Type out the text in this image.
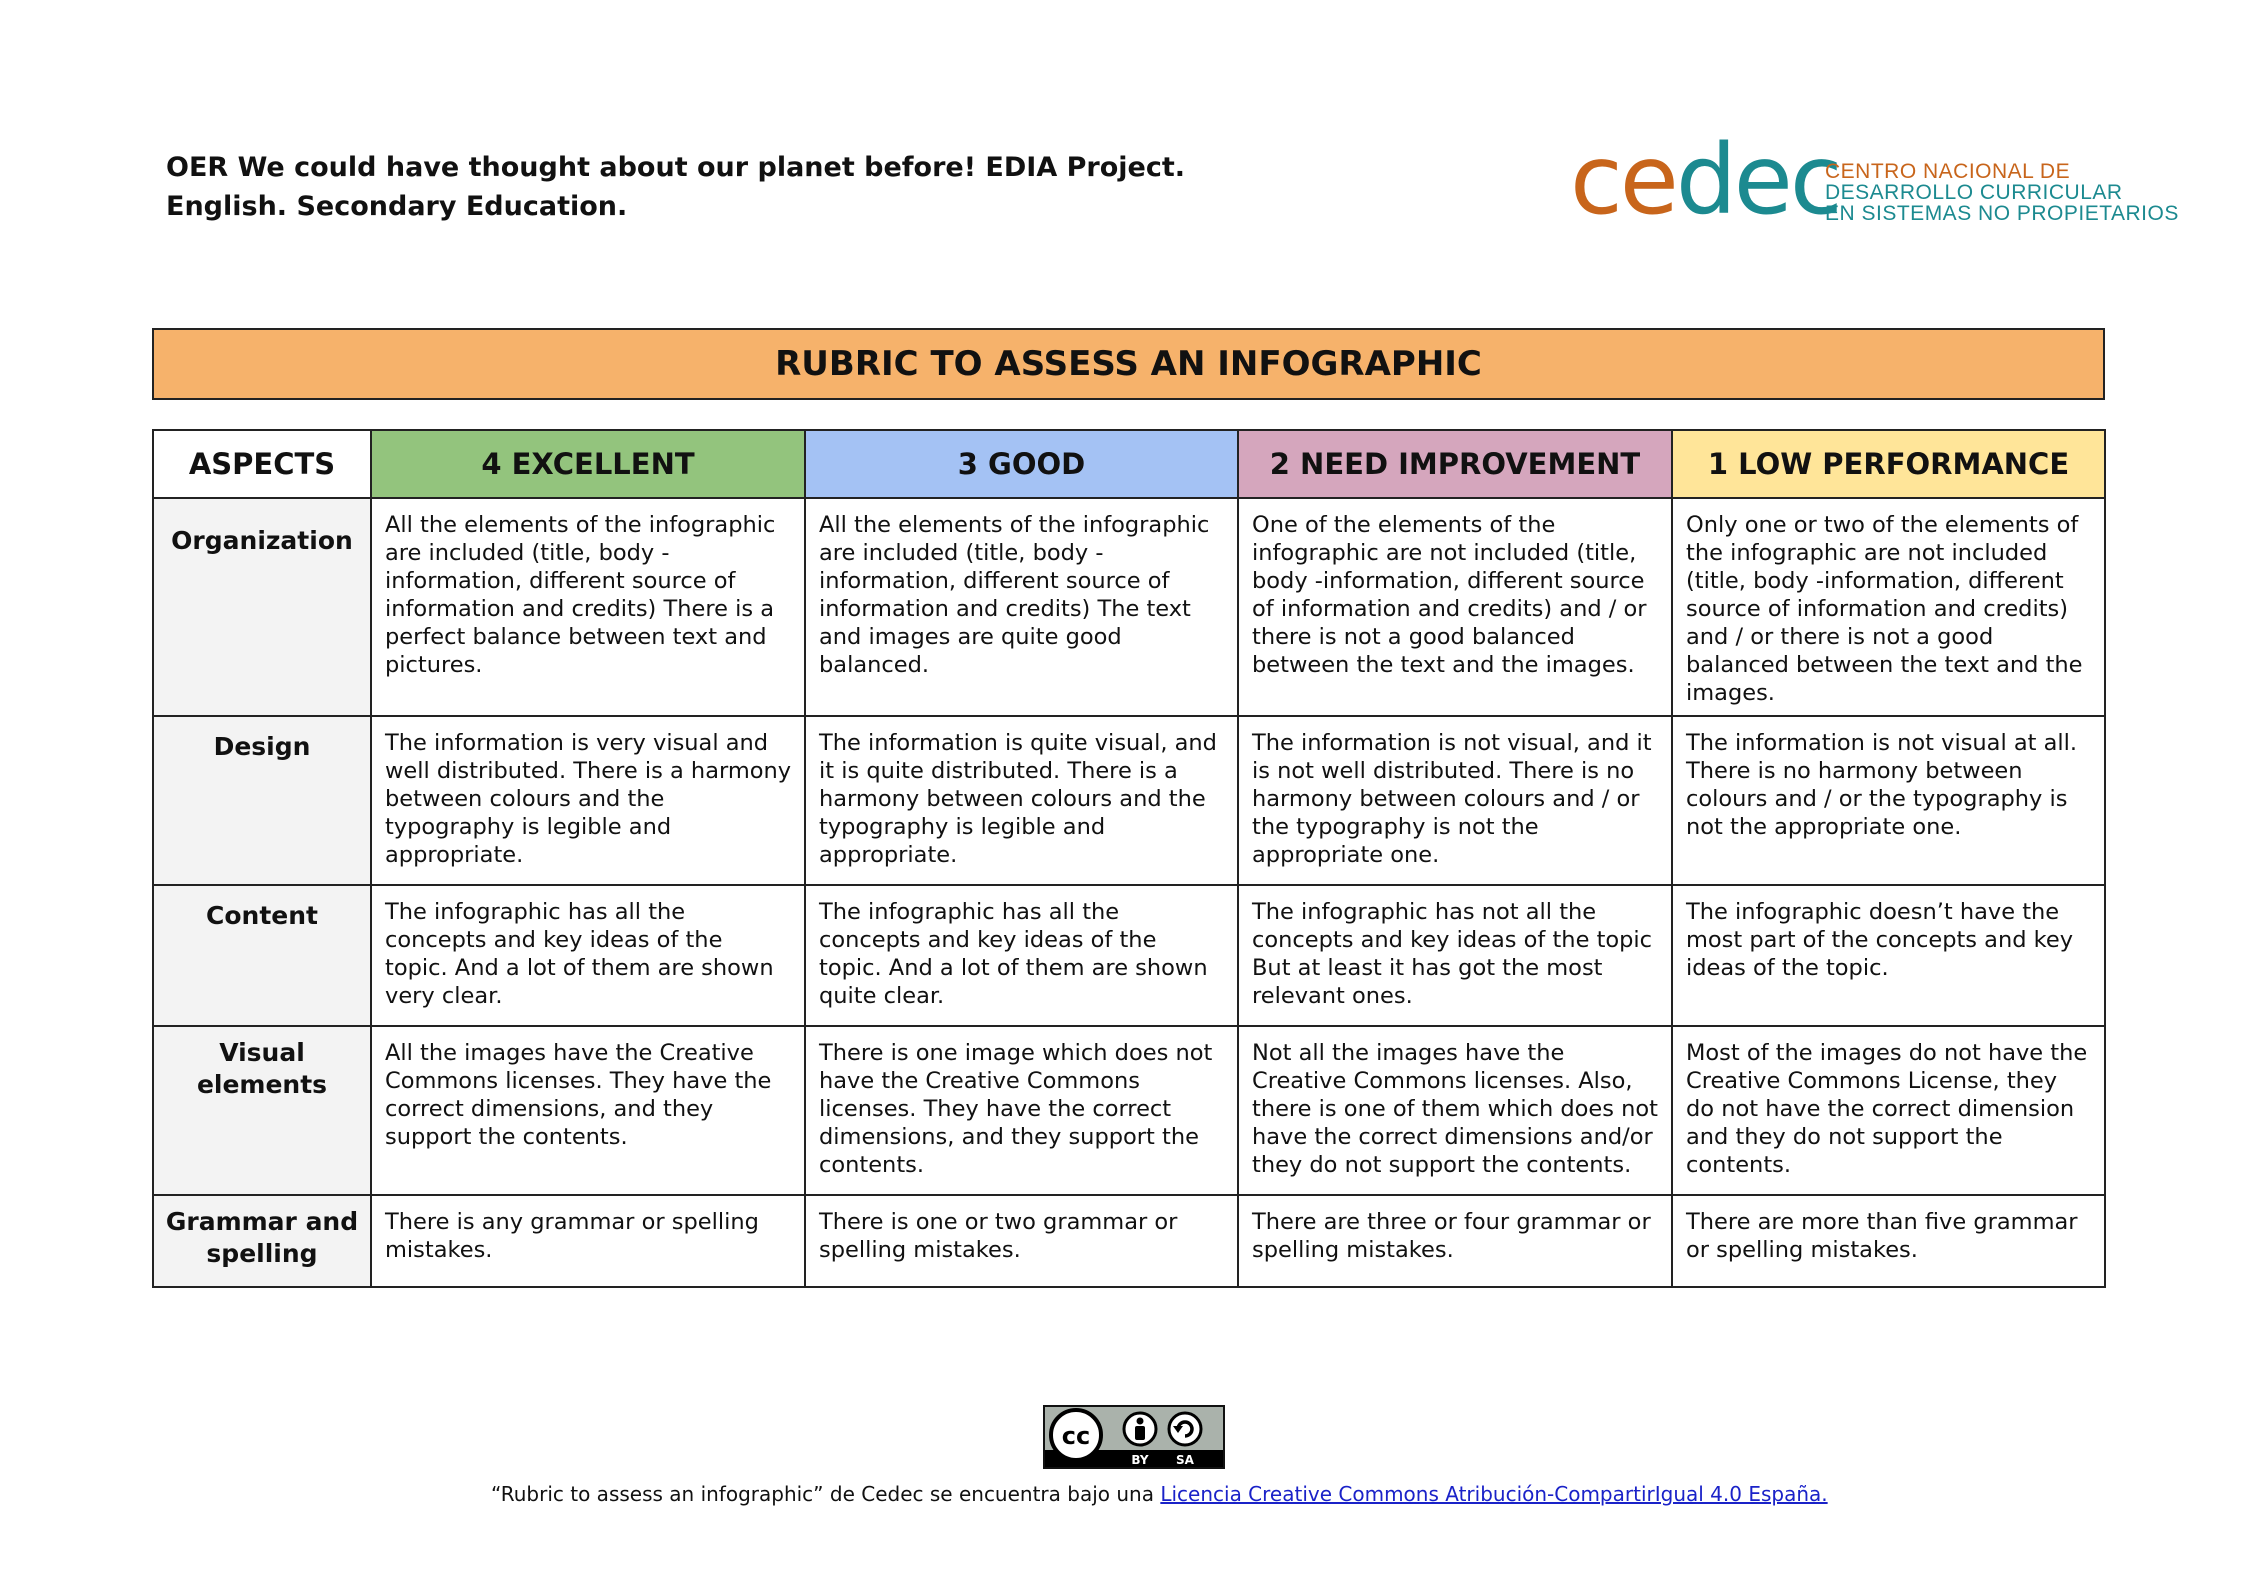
OER We could have thought about our planet before! EDIA Project.
English. Secondary Education.	cedec
CENTRO NACIONAL DE
DESARROLLO CURRICULAR
EN SISTEMAS NO PROPIETARIOS
RUBRIC TO ASSESS AN INFOGRAPHIC
ASPECTS	4 EXCELLENT	3 GOOD	2 NEED IMPROVEMENT	1 LOW PERFORMANCE
Organization	All the elements of the infographic are included (title, body -information, different source of information and credits) There is a perfect balance between text and pictures.	All the elements of the infographic are included (title, body -information, different source of information and credits) The text and images are quite good balanced.	One of the elements of the infographic are not included (title, body -information, different source of information and credits) and / or there is not a good balanced between the text and the images.	Only one or two of the elements of the infographic are not included (title, body -information, different source of information and credits) and / or there is not a good balanced between the text and the images.
Design	The information is very visual and well distributed. There is a harmony between colours and the typography is legible and appropriate.	The information is quite visual, and it is quite distributed. There is a harmony between colours and the typography is legible and appropriate.	The information is not visual, and it is not well distributed. There is no harmony between colours and / or the typography is not the appropriate one.	The information is not visual at all. There is no harmony between colours and / or the typography is not the appropriate one.
Content	The infographic has all the concepts and key ideas of the topic. And a lot of them are shown very clear.	The infographic has all the concepts and key ideas of the topic. And a lot of them are shown quite clear.	The infographic has not all the concepts and key ideas of the topic But at least it has got the most relevant ones.	The infographic doesn’t have the most part of the concepts and key ideas of the topic.
Visual elements	All the images have the Creative Commons licenses. They have the correct dimensions, and they support the contents.	There is one image which does not have the Creative Commons licenses. They have the correct dimensions, and they support the contents.	Not all the images have the Creative Commons licenses. Also, there is one of them which does not have the correct dimensions and/or they do not support the contents.	Most of the images do not have the Creative Commons License, they do not have the correct dimension and they do not support the contents.
Grammar and spelling	There is any grammar or spelling mistakes.	There is one or two grammar or spelling mistakes.	There are three or four grammar or spelling mistakes.	There are more than five grammar or spelling mistakes.
cc
BY SA
“Rubric to assess an infographic” de Cedec se encuentra bajo una Licencia Creative Commons Atribución-CompartirIgual 4.0 España.
